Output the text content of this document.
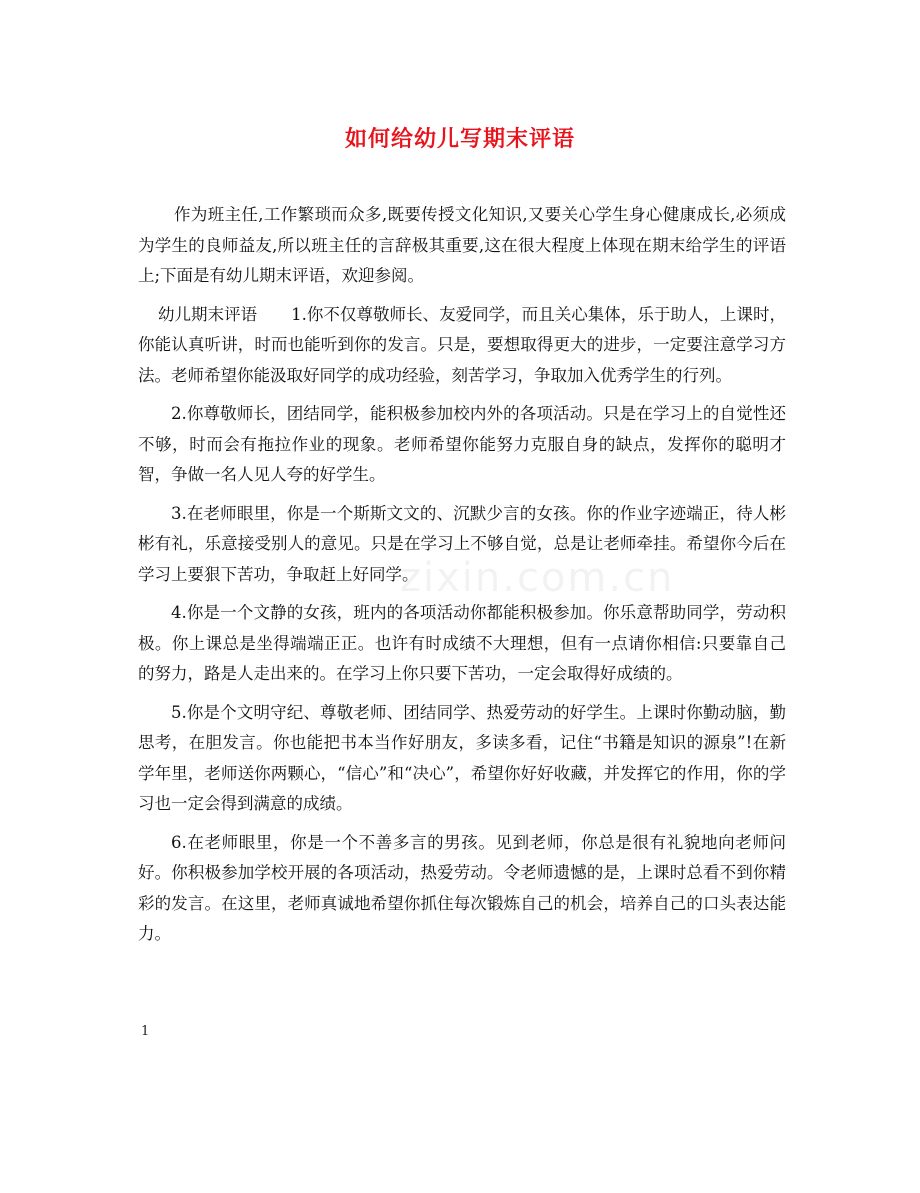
如何给幼儿写期末评语
zixin.com.cn

作为班主任,工作繁琐而众多,既要传授文化知识,又要关心学生身心健康成长,必须成为学生的良师益友,所以班主任的言辞极其重要,这在很大程度上体现在期末给学生的评语上;下面是有幼儿期末评语，欢迎参阅。

幼儿期末评语 1.你不仅尊敬师长、友爱同学，而且关心集体，乐于助人，上课时，你能认真听讲，时而也能听到你的发言。只是，要想取得更大的进步，一定要注意学习方法。老师希望你能汲取好同学的成功经验，刻苦学习，争取加入优秀学生的行列。

2.你尊敬师长，团结同学，能积极参加校内外的各项活动。只是在学习上的自觉性还不够，时而会有拖拉作业的现象。老师希望你能努力克服自身的缺点，发挥你的聪明才智，争做一名人见人夸的好学生。

3.在老师眼里，你是一个斯斯文文的、沉默少言的女孩。你的作业字迹端正，待人彬彬有礼，乐意接受别人的意见。只是在学习上不够自觉，总是让老师牵挂。希望你今后在学习上要狠下苦功，争取赶上好同学。

4.你是一个文静的女孩，班内的各项活动你都能积极参加。你乐意帮助同学，劳动积极。你上课总是坐得端端正正。也许有时成绩不大理想，但有一点请你相信:只要靠自己的努力，路是人走出来的。在学习上你只要下苦功，一定会取得好成绩的。

5.你是个文明守纪、尊敬老师、团结同学、热爱劳动的好学生。上课时你勤动脑，勤思考，在胆发言。你也能把书本当作好朋友，多读多看，记住“书籍是知识的源泉”!在新学年里，老师送你两颗心，“信心”和“决心”，希望你好好收藏，并发挥它的作用，你的学习也一定会得到满意的成绩。

6.在老师眼里，你是一个不善多言的男孩。见到老师，你总是很有礼貌地向老师问好。你积极参加学校开展的各项活动，热爱劳动。令老师遗憾的是，上课时总看不到你精彩的发言。在这里，老师真诚地希望你抓住每次锻炼自己的机会，培养自己的口头表达能力。

1
